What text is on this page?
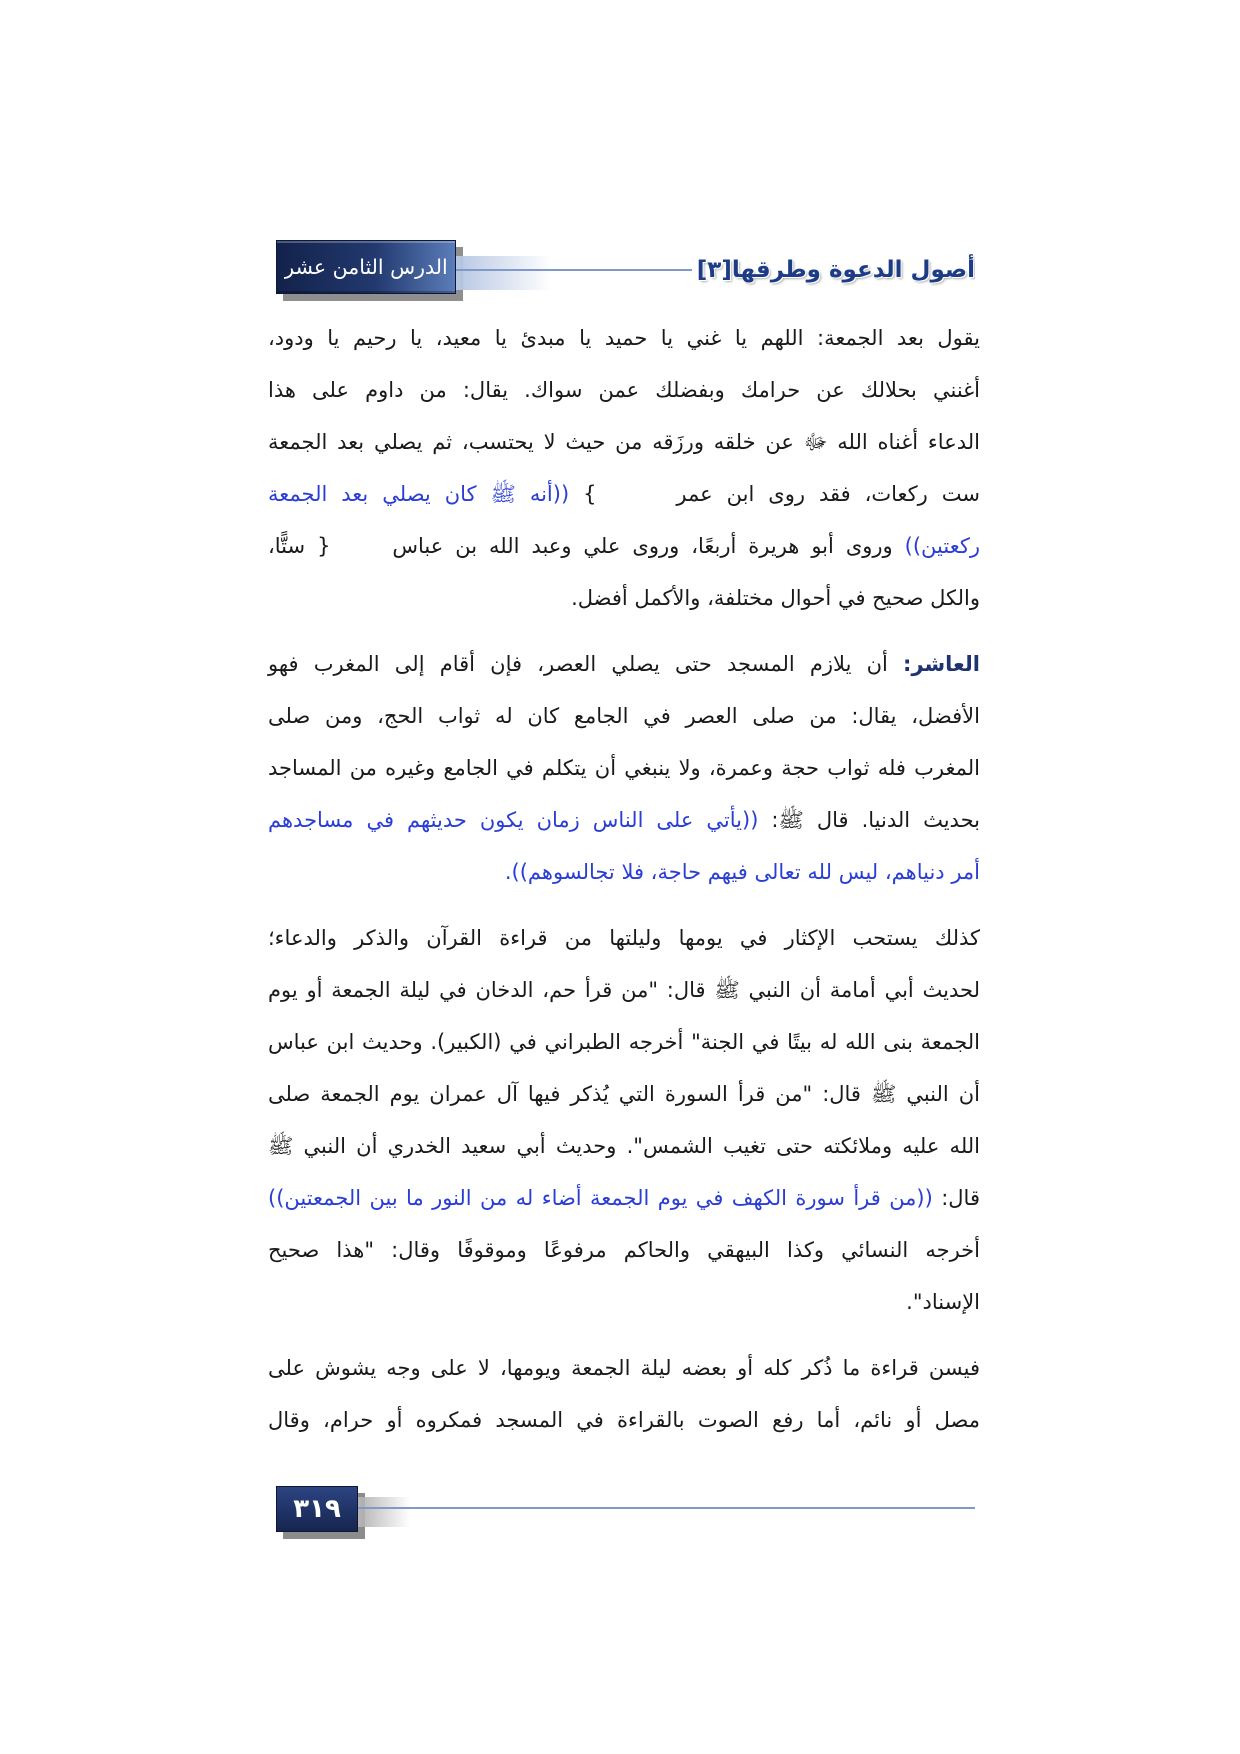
الدرس الثامن عشر	أصول الدعوة وطرقها[٣]
يقول بعد الجمعة: اللهم يا غني يا حميد يا مبدئ يا معيد، يا رحيم يا ودود،
أغنني بحلالك عن حرامك وبفضلك عمن سواك. يقال: من داوم على هذا
الدعاء أغناه الله ﷻ عن خلقه ورزَقه من حيث لا يحتسب، ثم يصلي بعد الجمعة
ست ركعات، فقد روى ابن عمر  { ((أنه ﷺ كان يصلي بعد الجمعة
ركعتين)) وروى أبو هريرة أربعًا، وروى علي وعبد الله بن عباس  } ستًّا،
والكل صحيح في أحوال مختلفة، والأكمل أفضل.
العاشر: أن يلازم المسجد حتى يصلي العصر، فإن أقام إلى المغرب فهو
الأفضل، يقال: من صلى العصر في الجامع كان له ثواب الحج، ومن صلى
المغرب فله ثواب حجة وعمرة، ولا ينبغي أن يتكلم في الجامع وغيره من المساجد
بحديث الدنيا. قال ﷺ: ((يأتي على الناس زمان يكون حديثهم في مساجدهم
أمر دنياهم، ليس لله تعالى فيهم حاجة، فلا تجالسوهم)).
كذلك يستحب الإكثار في يومها وليلتها من قراءة القرآن والذكر والدعاء؛
لحديث أبي أمامة أن النبي ﷺ قال: "من قرأ حم، الدخان في ليلة الجمعة أو يوم
الجمعة بنى الله له بيتًا في الجنة" أخرجه الطبراني في (الكبير). وحديث ابن عباس
أن النبي ﷺ قال: "من قرأ السورة التي يُذكر فيها آل عمران يوم الجمعة صلى
الله عليه وملائكته حتى تغيب الشمس". وحديث أبي سعيد الخدري أن النبي ﷺ
قال: ((من قرأ سورة الكهف في يوم الجمعة أضاء له من النور ما بين الجمعتين))
أخرجه النسائي وكذا البيهقي والحاكم مرفوعًا وموقوفًا وقال: "هذا صحيح
الإسناد".
فيسن قراءة ما ذُكر كله أو بعضه ليلة الجمعة ويومها، لا على وجه يشوش على
مصل أو نائم، أما رفع الصوت بالقراءة في المسجد فمكروه أو حرام، وقال
٣١٩
